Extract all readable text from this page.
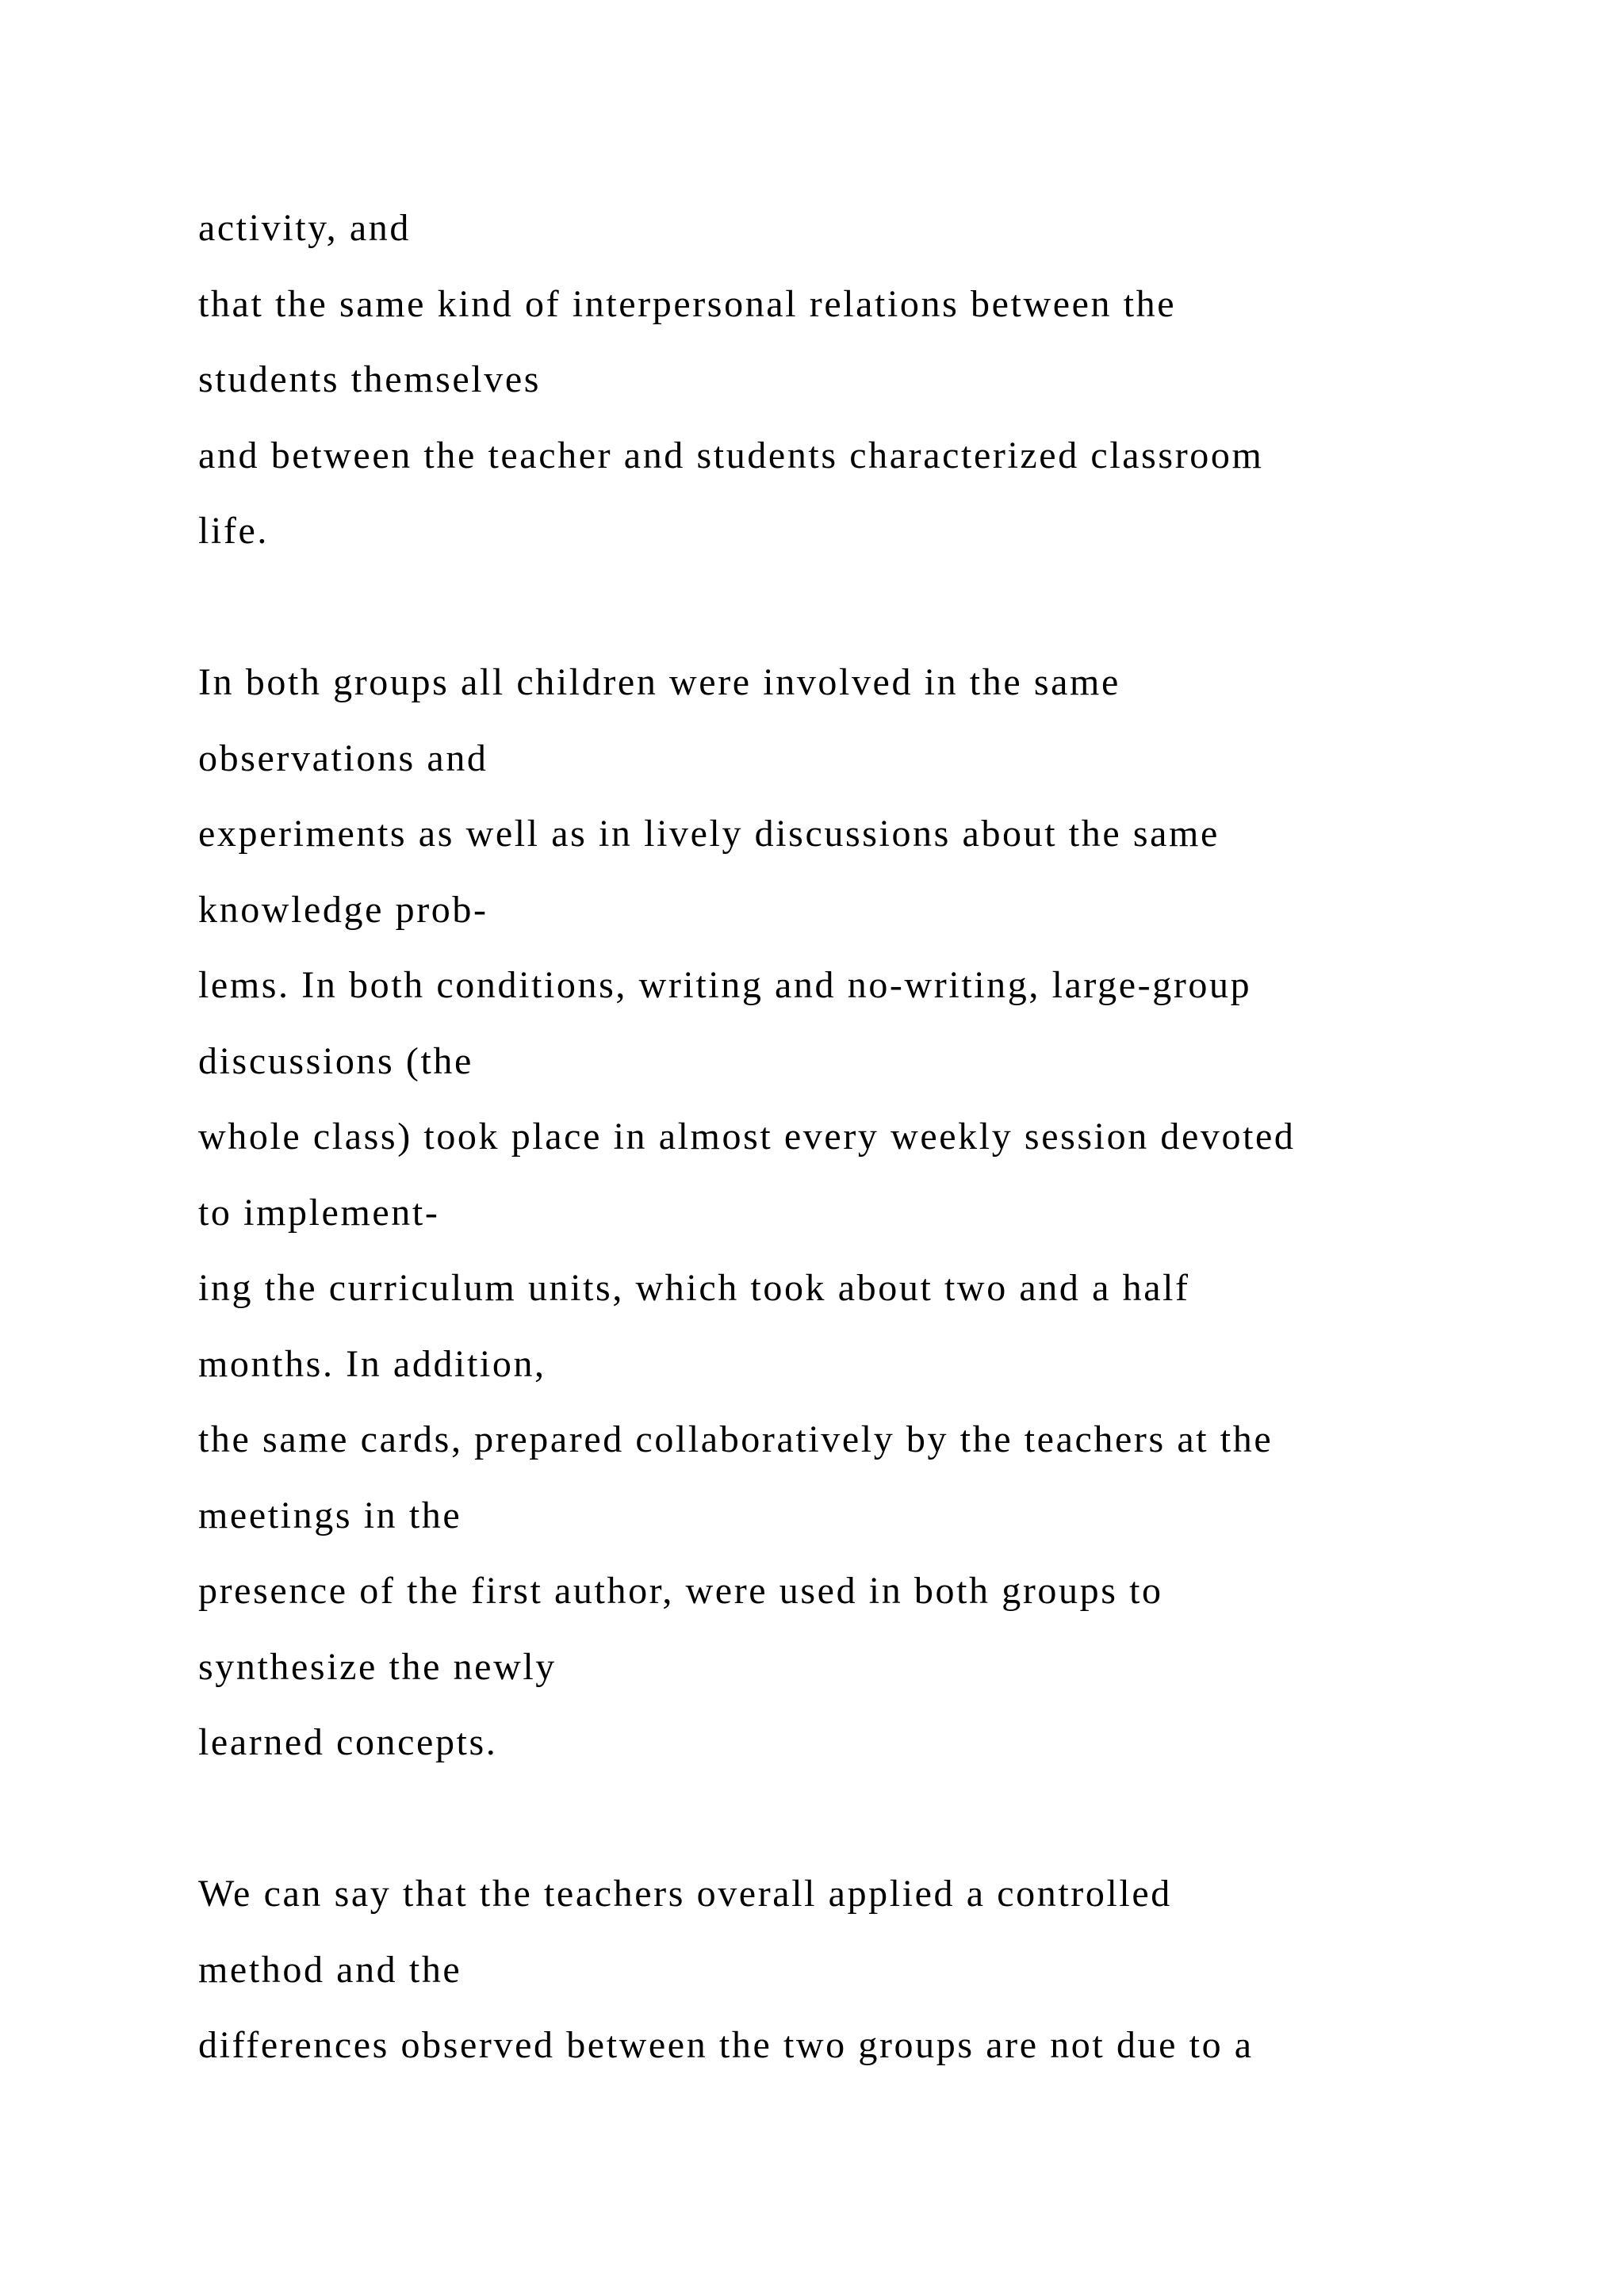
activity, and
that the same kind of interpersonal relations between the
students themselves
and between the teacher and students characterized classroom
life.
In both groups all children were involved in the same
observations and
experiments as well as in lively discussions about the same
knowledge prob-
lems. In both conditions, writing and no-writing, large-group
discussions (the
whole class) took place in almost every weekly session devoted
to implement-
ing the curriculum units, which took about two and a half
months. In addition,
the same cards, prepared collaboratively by the teachers at the
meetings in the
presence of the first author, were used in both groups to
synthesize the newly
learned concepts.
We can say that the teachers overall applied a controlled
method and the
differences observed between the two groups are not due to a
